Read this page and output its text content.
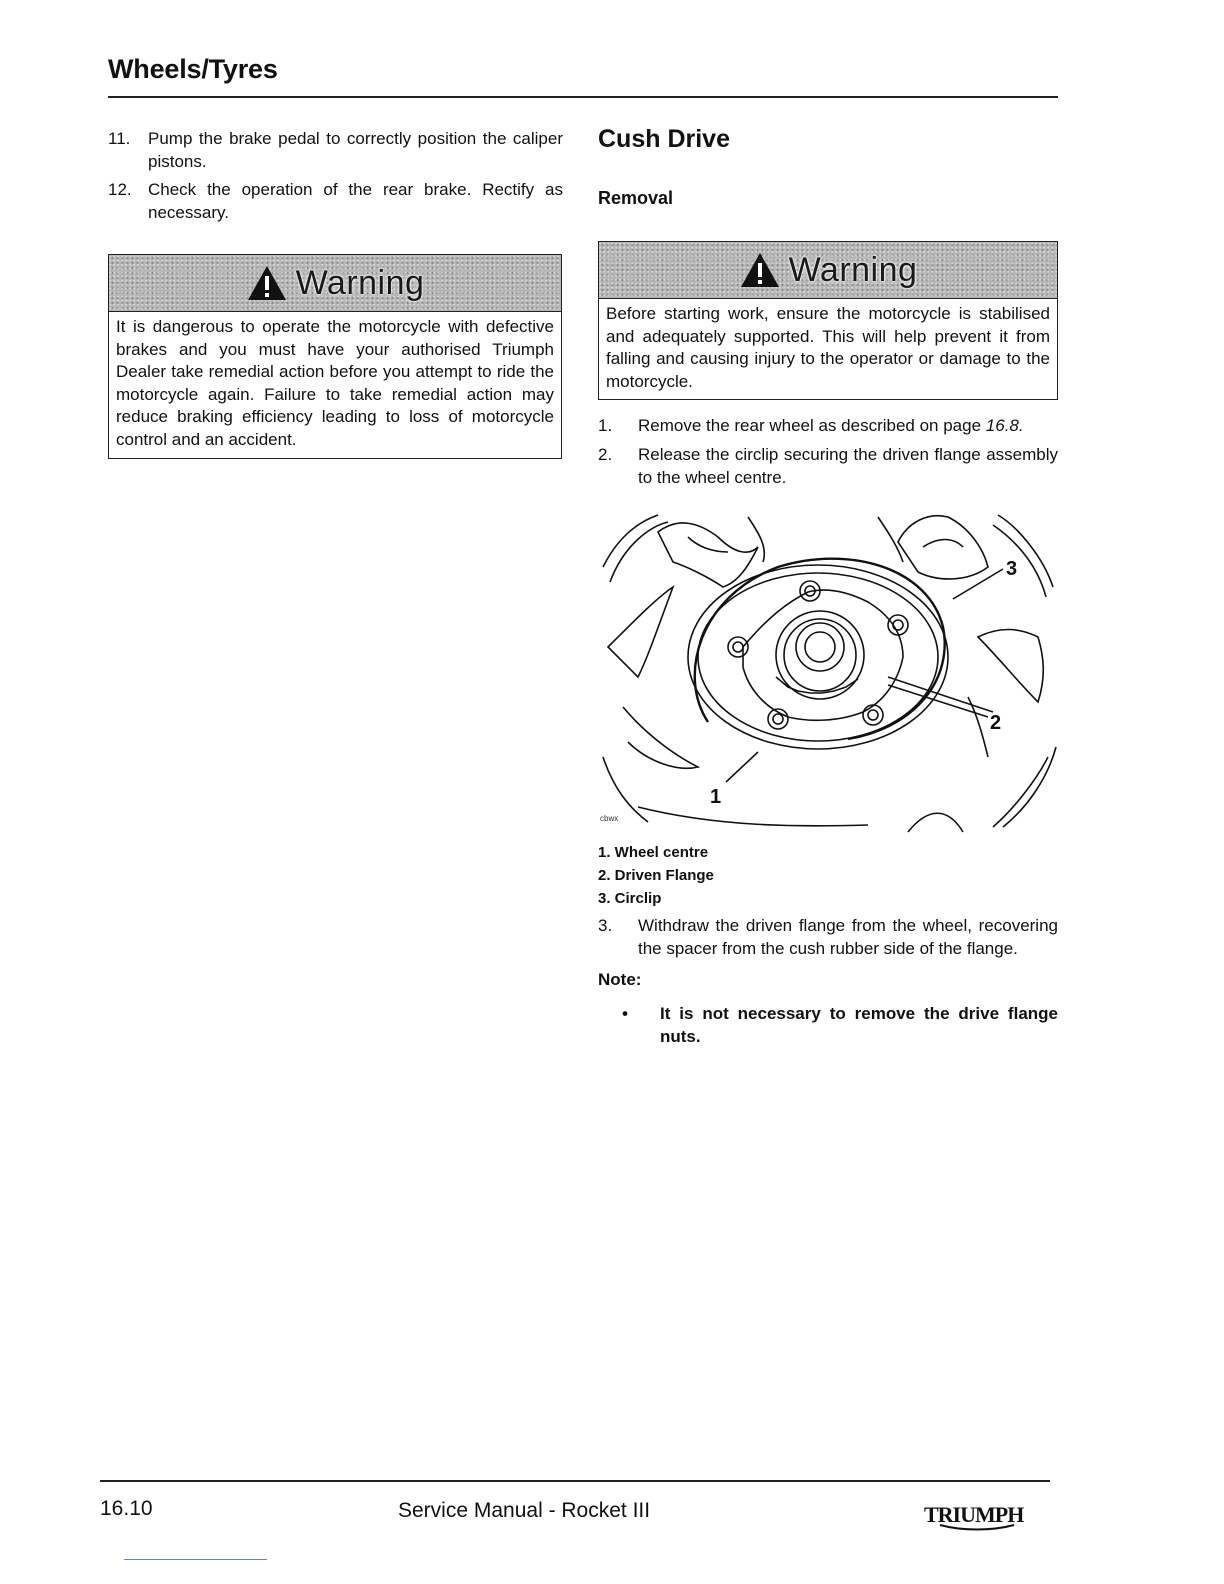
Wheels/Tyres
11.	Pump the brake pedal to correctly position the caliper pistons.
12. Check the operation of the rear brake. Rectify as necessary.
Warning
It is dangerous to operate the motorcycle with defective brakes and you must have your authorised Triumph Dealer take remedial action before you attempt to ride the motorcycle again. Failure to take remedial action may reduce braking efficiency leading to loss of motorcycle control and an accident.
Cush Drive
Removal
Warning
Before starting work, ensure the motorcycle is stabilised and adequately supported. This will help prevent it from falling and causing injury to the operator or damage to the motorcycle.
1.	Remove the rear wheel as described on page 16.8.
2.	Release the circlip securing the driven flange assembly to the wheel centre.
3
2
1
cbwx
1. Wheel centre
2. Driven Flange
3. Circlip
3.	Withdraw the driven flange from the wheel, recovering the spacer from the cush rubber side of the flange.
Note:
•	It is not necessary to remove the drive flange nuts.
16.10	Service Manual - Rocket III	TRIUMPH
